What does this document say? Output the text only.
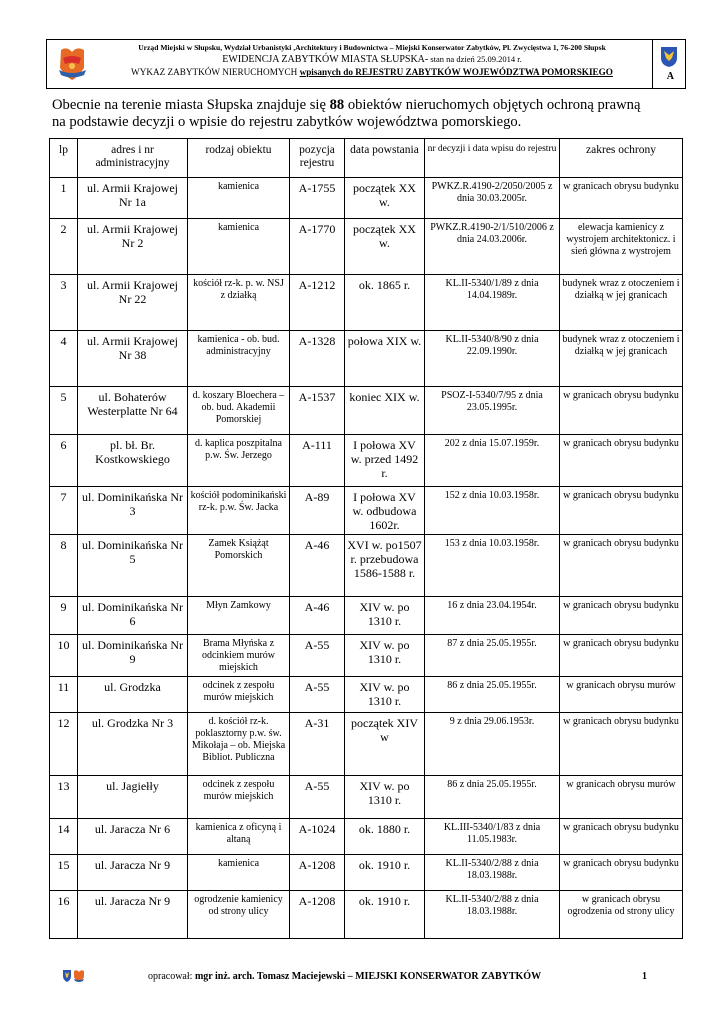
Urząd Miejski w Słupsku, Wydział Urbanistyki ,Architektury i Budownictwa – Miejski Konserwator Zabytków, Pl. Zwycięstwa 1, 76-200 Słupsk
EWIDENCJA ZABYTKÓW MIASTA SŁUPSKA- stan na dzień 25.09.2014 r.
WYKAZ ZABYTKÓW NIERUCHOMYCH wpisanych do REJESTRU ZABYTKÓW WOJEWÓDZTWA POMORSKIEGO	A
Obecnie na terenie miasta Słupska znajduje się 88 obiektów nieruchomych objętych ochroną prawną
na podstawie decyzji o wpisie do rejestru zabytków województwa pomorskiego.
lp	adres i nr administracyjny	rodzaj obiektu	pozycja rejestru	data powstania	nr decyzji i data wpisu do rejestru	zakres ochrony
1	ul. Armii Krajowej Nr 1a	kamienica	A-1755	początek XX w.	PWKZ.R.4190-2/2050/2005 z dnia 30.03.2005r.	w granicach obrysu budynku
2	ul. Armii Krajowej Nr 2	kamienica	A-1770	początek XX w.	PWKZ.R.4190-2/1/510/2006 z dnia 24.03.2006r.	elewacja kamienicy z wystrojem architektonicz. i sień główna z wystrojem
3	ul. Armii Krajowej Nr 22	kościół rz-k. p. w. NSJ z działką	A-1212	ok. 1865 r.	KL.II-5340/1/89 z dnia 14.04.1989r.	budynek wraz z otoczeniem i działką w jej granicach
4	ul. Armii Krajowej Nr 38	kamienica - ob. bud. administracyjny	A-1328	połowa XIX w.	KL.II-5340/8/90 z dnia 22.09.1990r.	budynek wraz z otoczeniem i działką w jej granicach
5	ul. Bohaterów Westerplatte Nr 64	d. koszary Bloechera – ob. bud. Akademii Pomorskiej	A-1537	koniec XIX w.	PSOZ-I-5340/7/95 z dnia 23.05.1995r.	w granicach obrysu budynku
6	pl. bł. Br. Kostkowskiego	d. kaplica poszpitalna p.w. Św. Jerzego	A-111	I połowa XV w. przed 1492 r.	202 z dnia 15.07.1959r.	w granicach obrysu budynku
7	ul. Dominikańska Nr 3	kościół podominikański rz-k. p.w. Św. Jacka	A-89	I połowa XV w. odbudowa 1602r.	152 z dnia 10.03.1958r.	w granicach obrysu budynku
8	ul. Dominikańska Nr 5	Zamek Książąt Pomorskich	A-46	XVI w. po1507 r. przebudowa 1586-1588 r.	153 z dnia 10.03.1958r.	w granicach obrysu budynku
9	ul. Dominikańska Nr 6	Młyn Zamkowy	A-46	XIV w. po 1310 r.	16 z dnia 23.04.1954r.	w granicach obrysu budynku
10	ul. Dominikańska Nr 9	Brama Młyńska z odcinkiem murów miejskich	A-55	XIV w. po 1310 r.	87 z dnia 25.05.1955r.	w granicach obrysu budynku
11	ul. Grodzka	odcinek z zespołu murów miejskich	A-55	XIV w. po 1310 r.	86 z dnia 25.05.1955r.	w granicach obrysu murów
12	ul. Grodzka Nr 3	d. kościół rz-k. poklasztorny p.w. św. Mikołaja – ob. Miejska Bibliot. Publiczna	A-31	początek XIV w	9 z dnia 29.06.1953r.	w granicach obrysu budynku
13	ul. Jagiełły	odcinek z zespołu murów miejskich	A-55	XIV w. po 1310 r.	86 z dnia 25.05.1955r.	w granicach obrysu murów
14	ul. Jaracza Nr 6	kamienica z oficyną i altaną	A-1024	ok. 1880 r.	KL.III-5340/1/83 z dnia 11.05.1983r.	w granicach obrysu budynku
15	ul. Jaracza Nr 9	kamienica	A-1208	ok. 1910 r.	KL.II-5340/2/88 z dnia 18.03.1988r.	w granicach obrysu budynku
16	ul. Jaracza Nr 9	ogrodzenie kamienicy od strony ulicy	A-1208	ok. 1910 r.	KL.II-5340/2/88 z dnia 18.03.1988r.	w granicach obrysu ogrodzenia od strony ulicy
opracował: mgr inż. arch. Tomasz Maciejewski – MIEJSKI KONSERWATOR ZABYTKÓW	1
